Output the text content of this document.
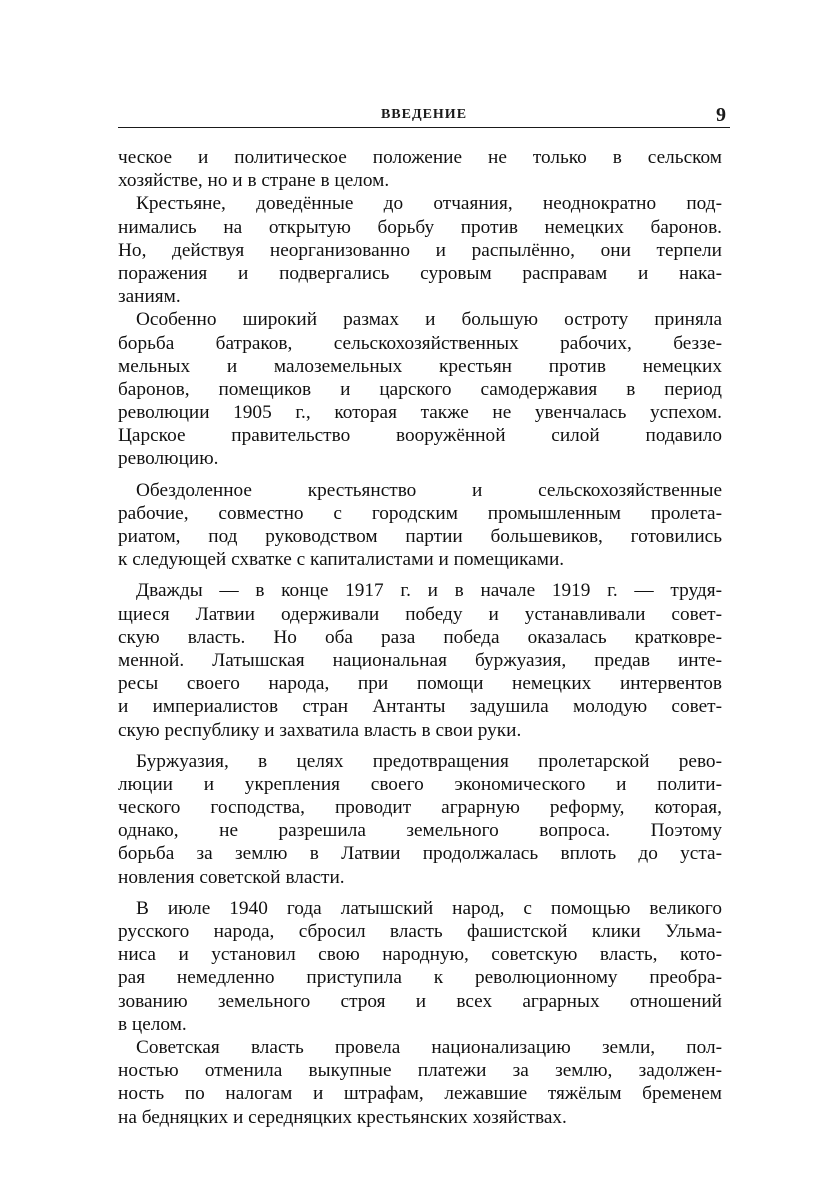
ВВЕДЕНИЕ	9
ческое и политическое положение не только в сельском
хозяйстве, но и в стране в целом.
Крестьяне, доведённые до отчаяния, неоднократно под-
нимались на открытую борьбу против немецких баронов.
Но, действуя неорганизованно и распылённо, они терпели
поражения и подвергались суровым расправам и нака-
заниям.
Особенно широкий размах и большую остроту приняла
борьба батраков, сельскохозяйственных рабочих, беззе-
мельных и малоземельных крестьян против немецких
баронов, помещиков и царского самодержавия в период
революции 1905 г., которая также не увенчалась успехом.
Царское правительство вооружённой силой подавило
революцию.
Обездоленное крестьянство и сельскохозяйственные
рабочие, совместно с городским промышленным пролета-
риатом, под руководством партии большевиков, готовились
к следующей схватке с капиталистами и помещиками.
Дважды — в конце 1917 г. и в начале 1919 г. — трудя-
щиеся Латвии одерживали победу и устанавливали совет-
скую власть. Но оба раза победа оказалась кратковре-
менной. Латышская национальная буржуазия, предав инте-
ресы своего народа, при помощи немецких интервентов
и империалистов стран Антанты задушила молодую совет-
скую республику и захватила власть в свои руки.
Буржуазия, в целях предотвращения пролетарской рево-
люции и укрепления своего экономического и полити-
ческого господства, проводит аграрную реформу, которая,
однако, не разрешила земельного вопроса. Поэтому
борьба за землю в Латвии продолжалась вплоть до уста-
новления советской власти.
В июле 1940 года латышский народ, с помощью великого
русского народа, сбросил власть фашистской клики Ульма-
ниса и установил свою народную, советскую власть, кото-
рая немедленно приступила к революционному преобра-
зованию земельного строя и всех аграрных отношений
в целом.
Советская власть провела национализацию земли, пол-
ностью отменила выкупные платежи за землю, задолжен-
ность по налогам и штрафам, лежавшие тяжёлым бременем
на бедняцких и середняцких крестьянских хозяйствах.
